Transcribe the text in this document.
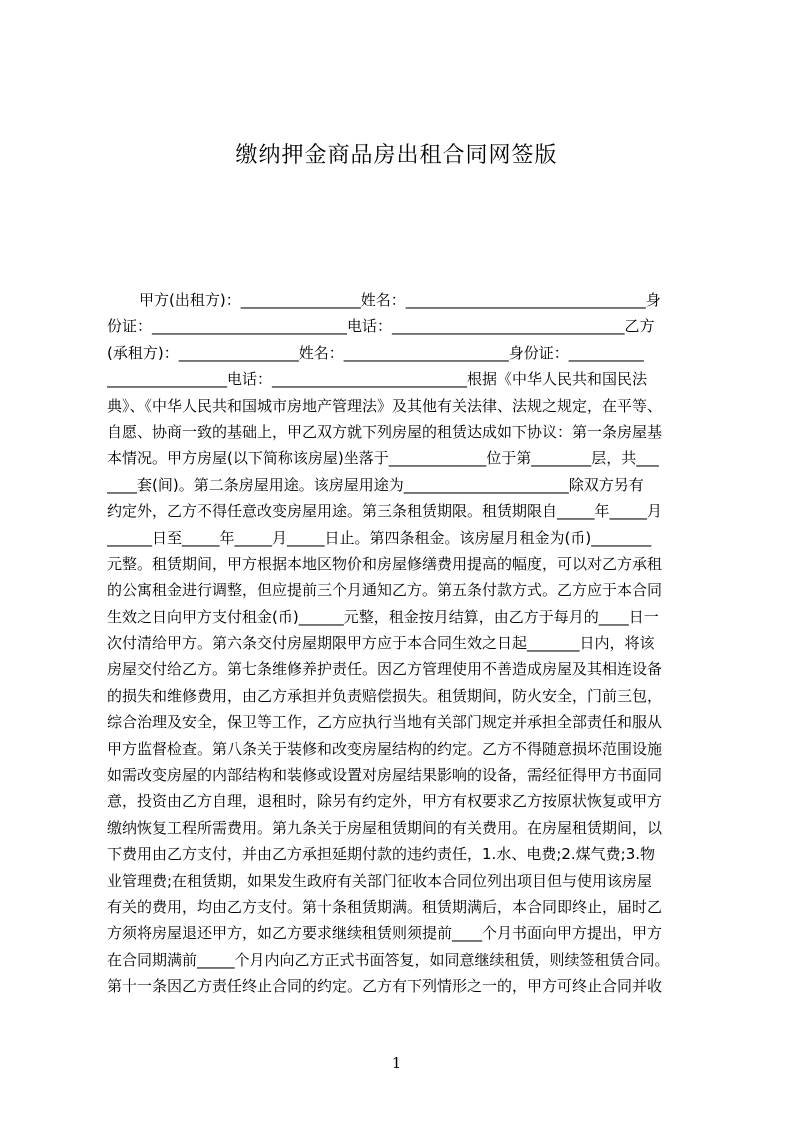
缴纳押金商品房出租合同网签版
甲方(出租方)：________________姓名：________________________________身
份证：__________________________电话：_______________________________乙方
(承租方)：________________姓名：______________________身份证：__________
________________电话：__________________________根据《中华人民共和国民法
典》、《中华人民共和国城市房地产管理法》及其他有关法律、法规之规定，在平等、
自愿、协商一致的基础上，甲乙双方就下列房屋的租赁达成如下协议：第一条房屋基
本情况。甲方房屋(以下简称该房屋)坐落于_____________位于第________层，共___
____套(间)。第二条房屋用途。该房屋用途为______________________除双方另有
约定外，乙方不得任意改变房屋用途。第三条租赁期限。租赁期限自_____年_____月
______日至_____年_____月_____日止。第四条租金。该房屋月租金为(币)________
元整。租赁期间，甲方根据本地区物价和房屋修缮费用提高的幅度，可以对乙方承租
的公寓租金进行调整，但应提前三个月通知乙方。第五条付款方式。乙方应于本合同
生效之日向甲方支付租金(币)______元整，租金按月结算，由乙方于每月的____日一
次付清给甲方。第六条交付房屋期限甲方应于本合同生效之日起_______日内，将该
房屋交付给乙方。第七条维修养护责任。因乙方管理使用不善造成房屋及其相连设备
的损失和维修费用，由乙方承担并负责赔偿损失。租赁期间，防火安全，门前三包，
综合治理及安全，保卫等工作，乙方应执行当地有关部门规定并承担全部责任和服从
甲方监督检查。第八条关于装修和改变房屋结构的约定。乙方不得随意损坏范围设施
如需改变房屋的内部结构和装修或设置对房屋结果影响的设备，需经征得甲方书面同
意，投资由乙方自理，退租时，除另有约定外，甲方有权要求乙方按原状恢复或甲方
缴纳恢复工程所需费用。第九条关于房屋租赁期间的有关费用。在房屋租赁期间，以
下费用由乙方支付，并由乙方承担延期付款的违约责任，1.水、电费;2.煤气费;3.物
业管理费;在租赁期，如果发生政府有关部门征收本合同位列出项目但与使用该房屋
有关的费用，均由乙方支付。第十条租赁期满。租赁期满后，本合同即终止，届时乙
方须将房屋退还甲方，如乙方要求继续租赁则须提前____个月书面向甲方提出，甲方
在合同期满前_____个月内向乙方正式书面答复，如同意继续租赁，则续签租赁合同。
第十一条因乙方责任终止合同的约定。乙方有下列情形之一的，甲方可终止合同并收
1
